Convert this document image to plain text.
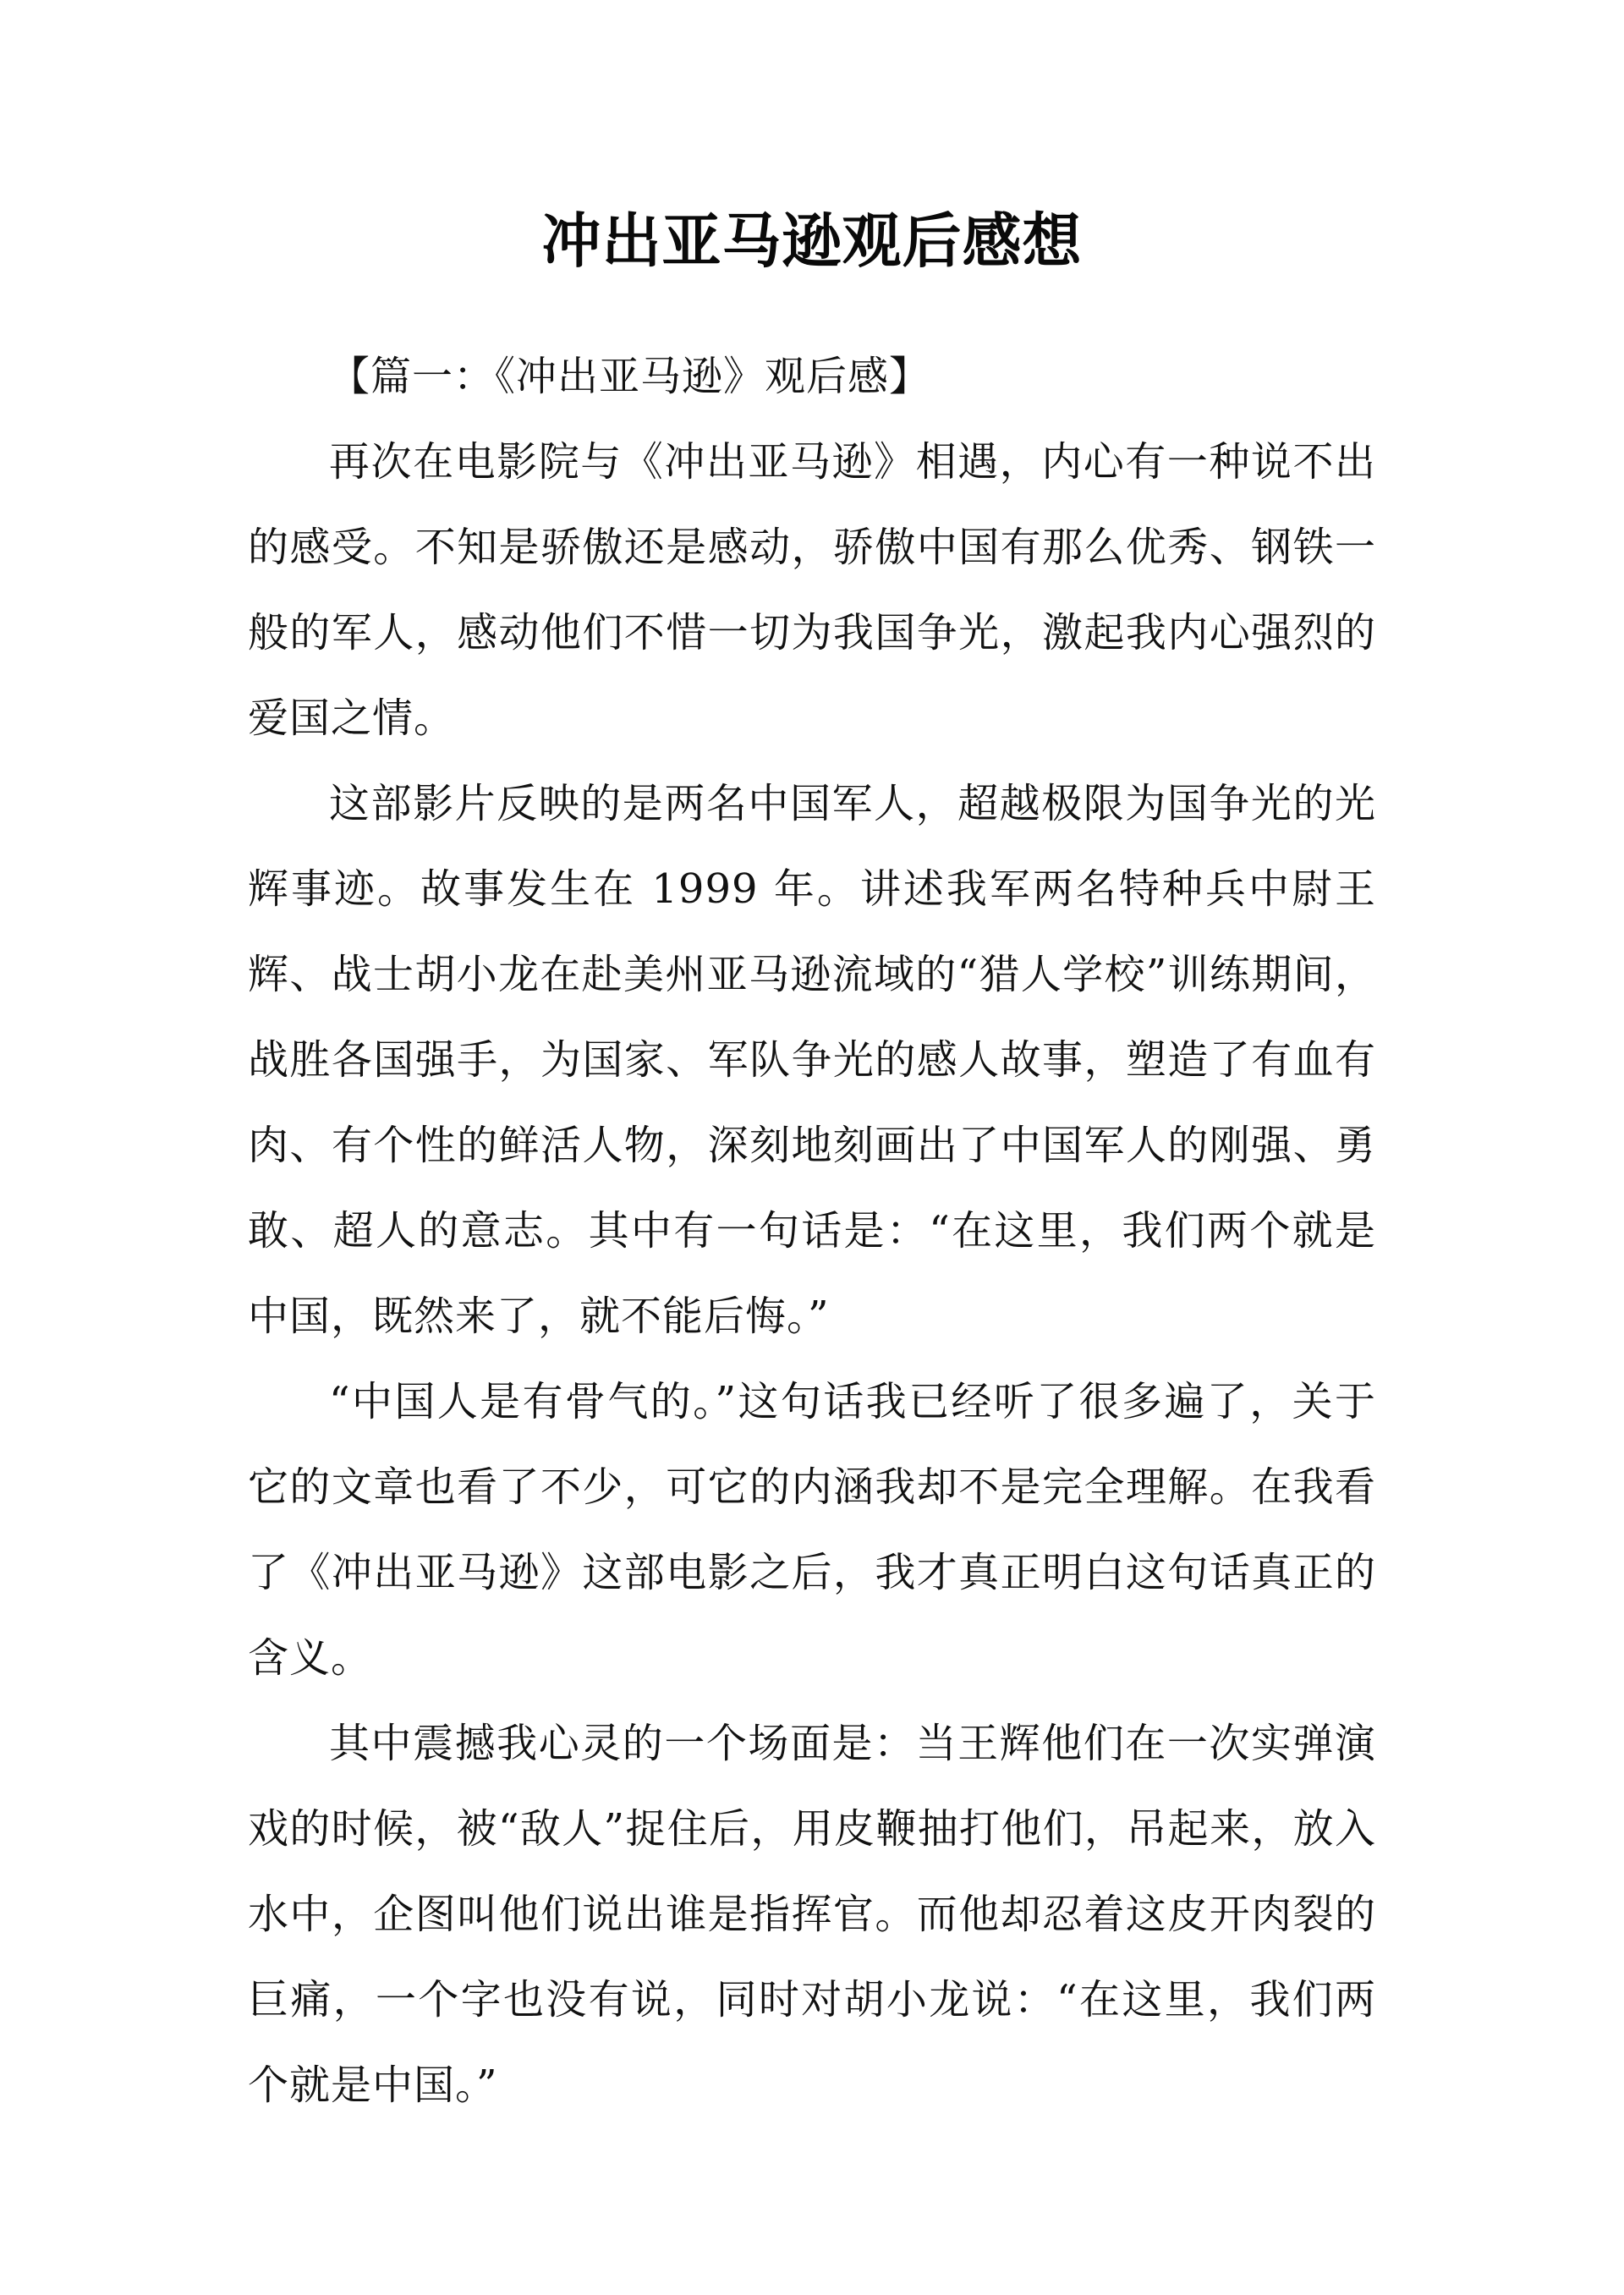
冲出亚马逊观后感想

【篇一：《冲出亚马逊》观后感】

再次在电影院与《冲出亚马逊》相遇，内心有一种说不出的感受。不知是骄傲还是感动，骄傲中国有那么优秀、钢铁一般的军人，感动他们不惜一切为我国争光，激起我内心强烈的爱国之情。

这部影片反映的是两名中国军人，超越极限为国争光的光辉事迹。故事发生在 1999 年。讲述我军两名特种兵中尉王辉、战士胡小龙在赴美州亚马逊流域的“猎人学校”训练期间，战胜各国强手，为国家、军队争光的感人故事，塑造了有血有肉、有个性的鲜活人物，深刻地刻画出了中国军人的刚强、勇敢、超人的意志。其中有一句话是：“在这里，我们两个就是中国，既然来了，就不能后悔。”

“中国人是有骨气的。”这句话我已经听了很多遍了，关于它的文章也看了不少，可它的内涵我却不是完全理解。在我看了《冲出亚马逊》这部电影之后，我才真正明白这句话真正的含义。

其中震撼我心灵的一个场面是：当王辉他们在一次实弹演戏的时候，被“敌人”捉住后，用皮鞭抽打他们，吊起来，放入水中，企图叫他们说出谁是指挥官。而他却忍着这皮开肉裂的巨痛，一个字也没有说，同时对胡小龙说：“在这里，我们两个就是中国。”
